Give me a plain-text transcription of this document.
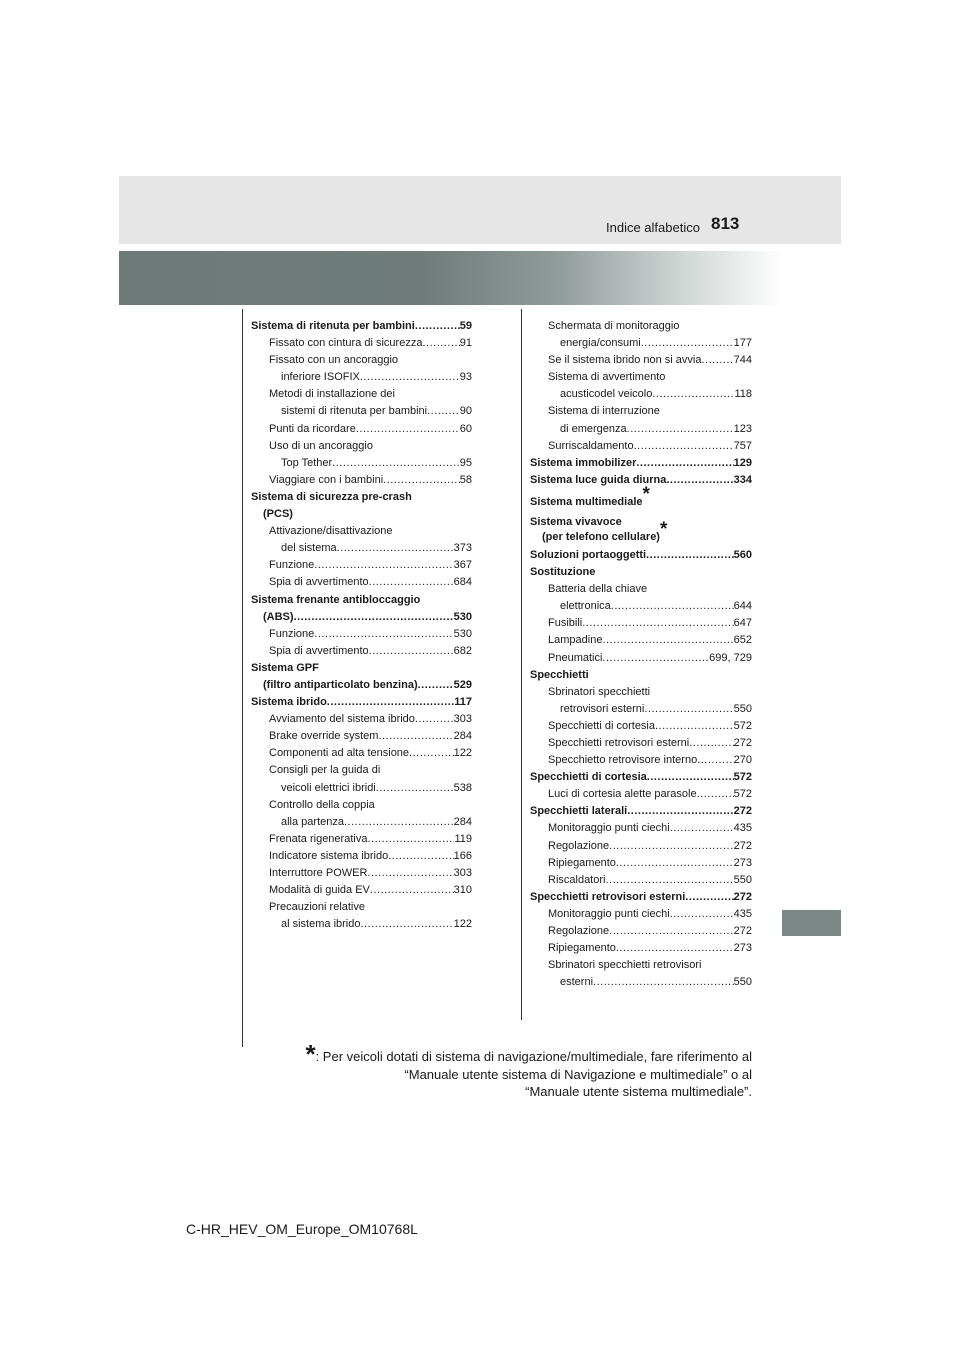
Indice alfabetico 813
Sistema di ritenuta per bambini .....	59
Fissato con cintura di sicurezza .....	91
Fissato con un ancoraggio
inferiore ISOFIX .....	93
Metodi di installazione dei
sistemi di ritenuta per bambini .....	90
Punti da ricordare .....	60
Uso di un ancoraggio
Top Tether .....	95
Viaggiare con i bambini .....	58
Sistema di sicurezza pre-crash
(PCS)
Attivazione/disattivazione
del sistema .....	373
Funzione .....	367
Spia di avvertimento .....	684
Sistema frenante antibloccaggio
(ABS) .....	530
Funzione .....	530
Spia di avvertimento .....	682
Sistema GPF
(filtro antiparticolato benzina) .....	529
Sistema ibrido .....	117
Avviamento del sistema ibrido .....	303
Brake override system .....	284
Componenti ad alta tensione .....	122
Consigli per la guida di
veicoli elettrici ibridi .....	538
Controllo della coppia
alla partenza .....	284
Frenata rigenerativa .....	119
Indicatore sistema ibrido .....	166
Interruttore POWER .....	303
Modalità di guida EV .....	310
Precauzioni relative
al sistema ibrido .....	122
Schermata di monitoraggio
energia/consumi .....	177
Se il sistema ibrido non si avvia .....	744
Sistema di avvertimento
acusticodel veicolo .....	118
Sistema di interruzione
di emergenza .....	123
Surriscaldamento .....	757
Sistema immobilizer .....	129
Sistema luce guida diurna .....	334
Sistema multimediale*
Sistema vivavoce
(per telefono cellulare)*
Soluzioni portaoggetti .....	560
Sostituzione
Batteria della chiave
elettronica .....	644
Fusibili .....	647
Lampadine .....	652
Pneumatici .....	699, 729
Specchietti
Sbrinatori specchietti
retrovisori esterni .....	550
Specchietti di cortesia .....	572
Specchietti retrovisori esterni .....	272
Specchietto retrovisore interno .....	270
Specchietti di cortesia .....	572
Luci di cortesia alette parasole .....	572
Specchietti laterali .....	272
Monitoraggio punti ciechi .....	435
Regolazione .....	272
Ripiegamento .....	273
Riscaldatori .....	550
Specchietti retrovisori esterni .....	272
Monitoraggio punti ciechi .....	435
Regolazione .....	272
Ripiegamento .....	273
Sbrinatori specchietti retrovisori
esterni .....	550
*: Per veicoli dotati di sistema di navigazione/multimediale, fare riferimento al
“Manuale utente sistema di Navigazione e multimediale” o al
“Manuale utente sistema multimediale”.
C-HR_HEV_OM_Europe_OM10768L
